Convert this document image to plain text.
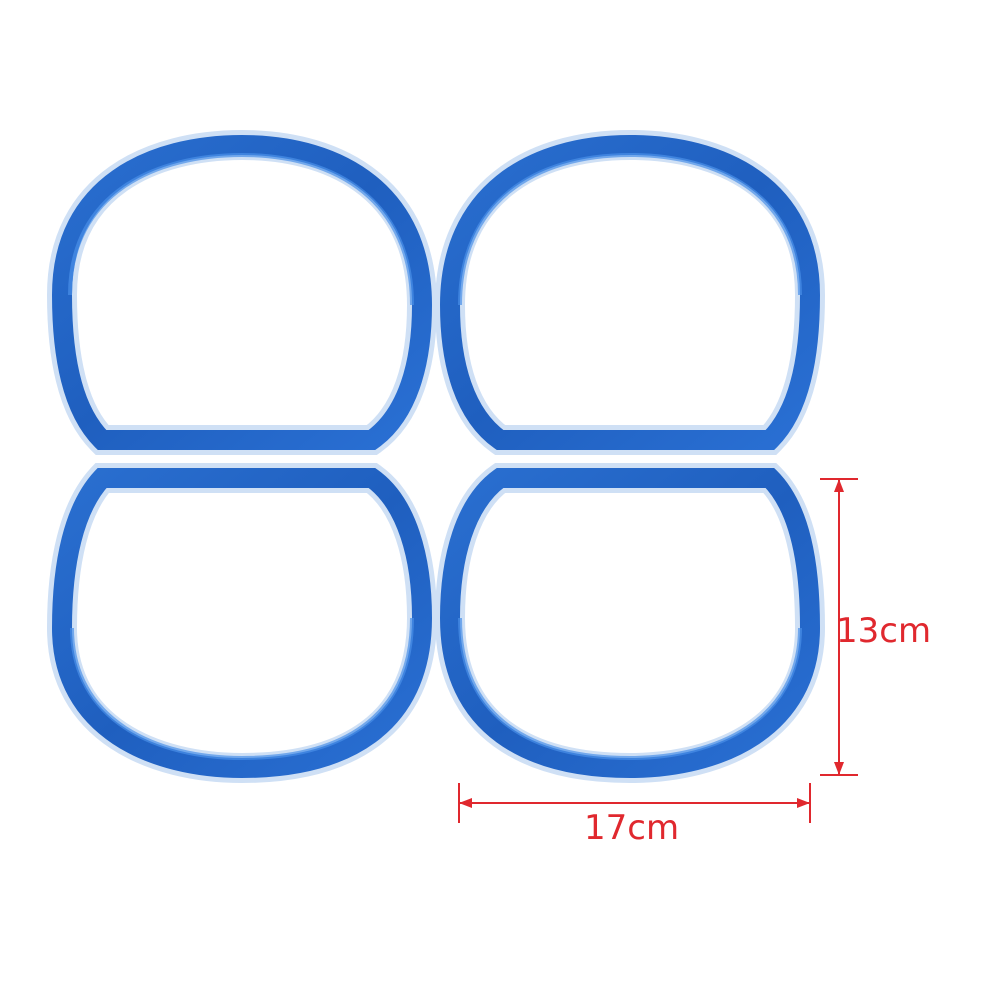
13cm
17cm
